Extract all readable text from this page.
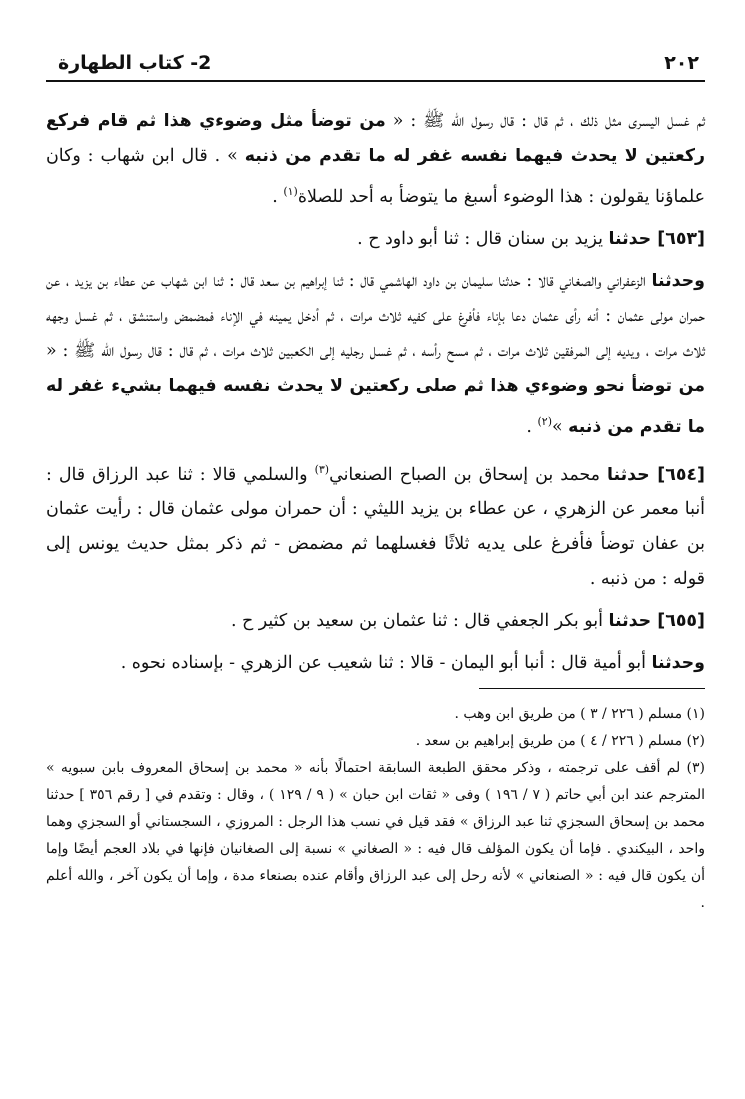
٢٠٢
2- كتاب الطهارة

ثم غسل اليسرى مثل ذلك ، ثم قال : قال رسول الله ﷺ : « من توضأ مثل وضوءي هذا ثم قام فركع ركعتين لا يحدث فيهما نفسه غفر له ما تقدم من ذنبه » . قال ابن شهاب : وكان علماؤنا يقولون : هذا الوضوء أسبغ ما يتوضأ به أحد للصلاة$^{(١)}$ .

[٦٥٣] حدثنا يزيد بن سنان قال : ثنا أبو داود ح .

وحدثنا الزعفراني والصغاني قالا : حدثنا سليمان بن داود الهاشمي قال : ثنا إبراهيم بن سعد قال : ثنا ابن شهاب عن عطاء بن يزيد ، عن حمران مولى عثمان : أنه رأى عثمان دعا بإناء فأفرغ على كفيه ثلاث مرات ، ثم أدخل يمينه في الإناء فمضمض واستنشق ، ثم غسل وجهه ثلاث مرات ، ويديه إلى المرفقين ثلاث مرات ، ثم مسح رأسه ، ثم غسل رجليه إلى الكعبين ثلاث مرات ، ثم قال : قال رسول الله ﷺ : « من توضأ نحو وضوءي هذا ثم صلى ركعتين لا يحدث نفسه فيهما بشيء غفر له ما تقدم من ذنبه »$^{(٢)}$ .

[٦٥٤] حدثنا محمد بن إسحاق بن الصباح الصنعاني$^{(٣)}$ والسلمي قالا : ثنا عبد الرزاق قال : أنبا معمر عن الزهري ، عن عطاء بن يزيد الليثي : أن حمران مولى عثمان قال : رأيت عثمان بن عفان توضأ فأفرغ على يديه ثلاثًا فغسلهما ثم مضمض - ثم ذكر بمثل حديث يونس إلى قوله : من ذنبه .

[٦٥٥] حدثنا أبو بكر الجعفي قال : ثنا عثمان بن سعيد بن كثير ح .

وحدثنا أبو أمية قال : أنبا أبو اليمان - قالا : ثنا شعيب عن الزهري - بإسناده نحوه .

(١) مسلم ( ٢٢٦ / ٣ ) من طريق ابن وهب .
(٢) مسلم ( ٢٢٦ / ٤ ) من طريق إبراهيم بن سعد .
(٣) لم أقف على ترجمته ، وذكر محقق الطبعة السابقة احتمالًا بأنه « محمد بن إسحاق المعروف بابن سبويه » المترجم عند ابن أبي حاتم ( ٧ / ١٩٦ ) وفى « ثقات ابن حبان » ( ٩ / ١٢٩ ) ، وقال : وتقدم في [ رقم ٣٥٦ ] حدثنا محمد بن إسحاق السجزي ثنا عبد الرزاق » فقد قيل في نسب هذا الرجل : المروزي ، السجستاني أو السجزي وهما واحد ، البيكندي . فإما أن يكون المؤلف قال فيه : « الصغاني » نسبة إلى الصغانيان فإنها في بلاد العجم أيضًا وإما أن يكون قال فيه : « الصنعاني » لأنه رحل إلى عبد الرزاق وأقام عنده بصنعاء مدة ، وإما أن يكون آخر ، والله أعلم .
